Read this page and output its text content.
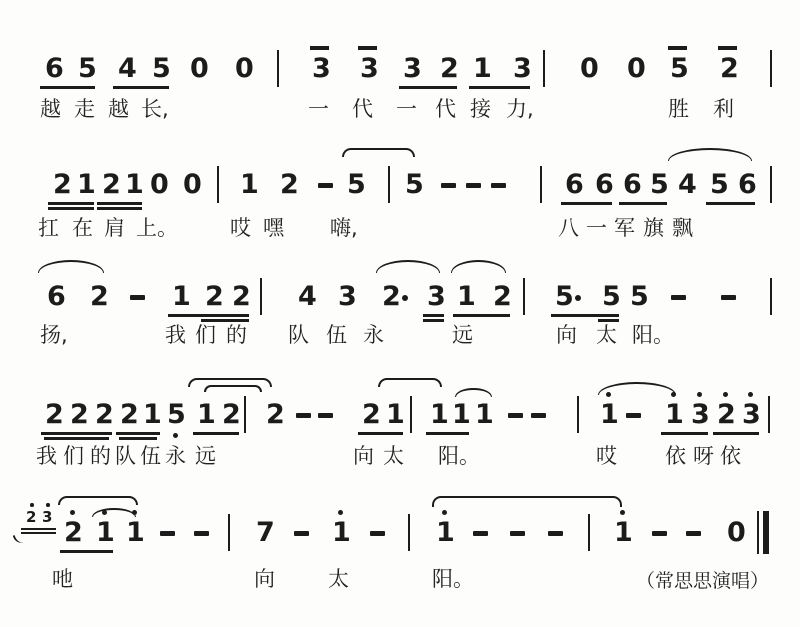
（常思思演唱）
6 5 4 5 0 0 3 3 3 2 1 3 0 0 5 2
越 走 越 长,	一 代 一 代 接 力,	胜 利
2 1 2 1 0 0 1 2 5 5	6 6 6 5 4 5 6
扛 在 肩 上。 哎 嘿 嗨,	八 一 军 旗 飘
6 2 1 2 2 4 3 2 3 1 2 5 5 5
扬,	我 们 的 队 伍 永	远	向 太 阳。
2 2 2 2 1 5 1 2 2	2 1 1 1 1	1 1 3 2 3
我 们 的 队 伍 永 远	向 太 阳。	哎 依 呀 依
2 1 1	7 1	1	1	0
吔	向	太	阳。
2 3
